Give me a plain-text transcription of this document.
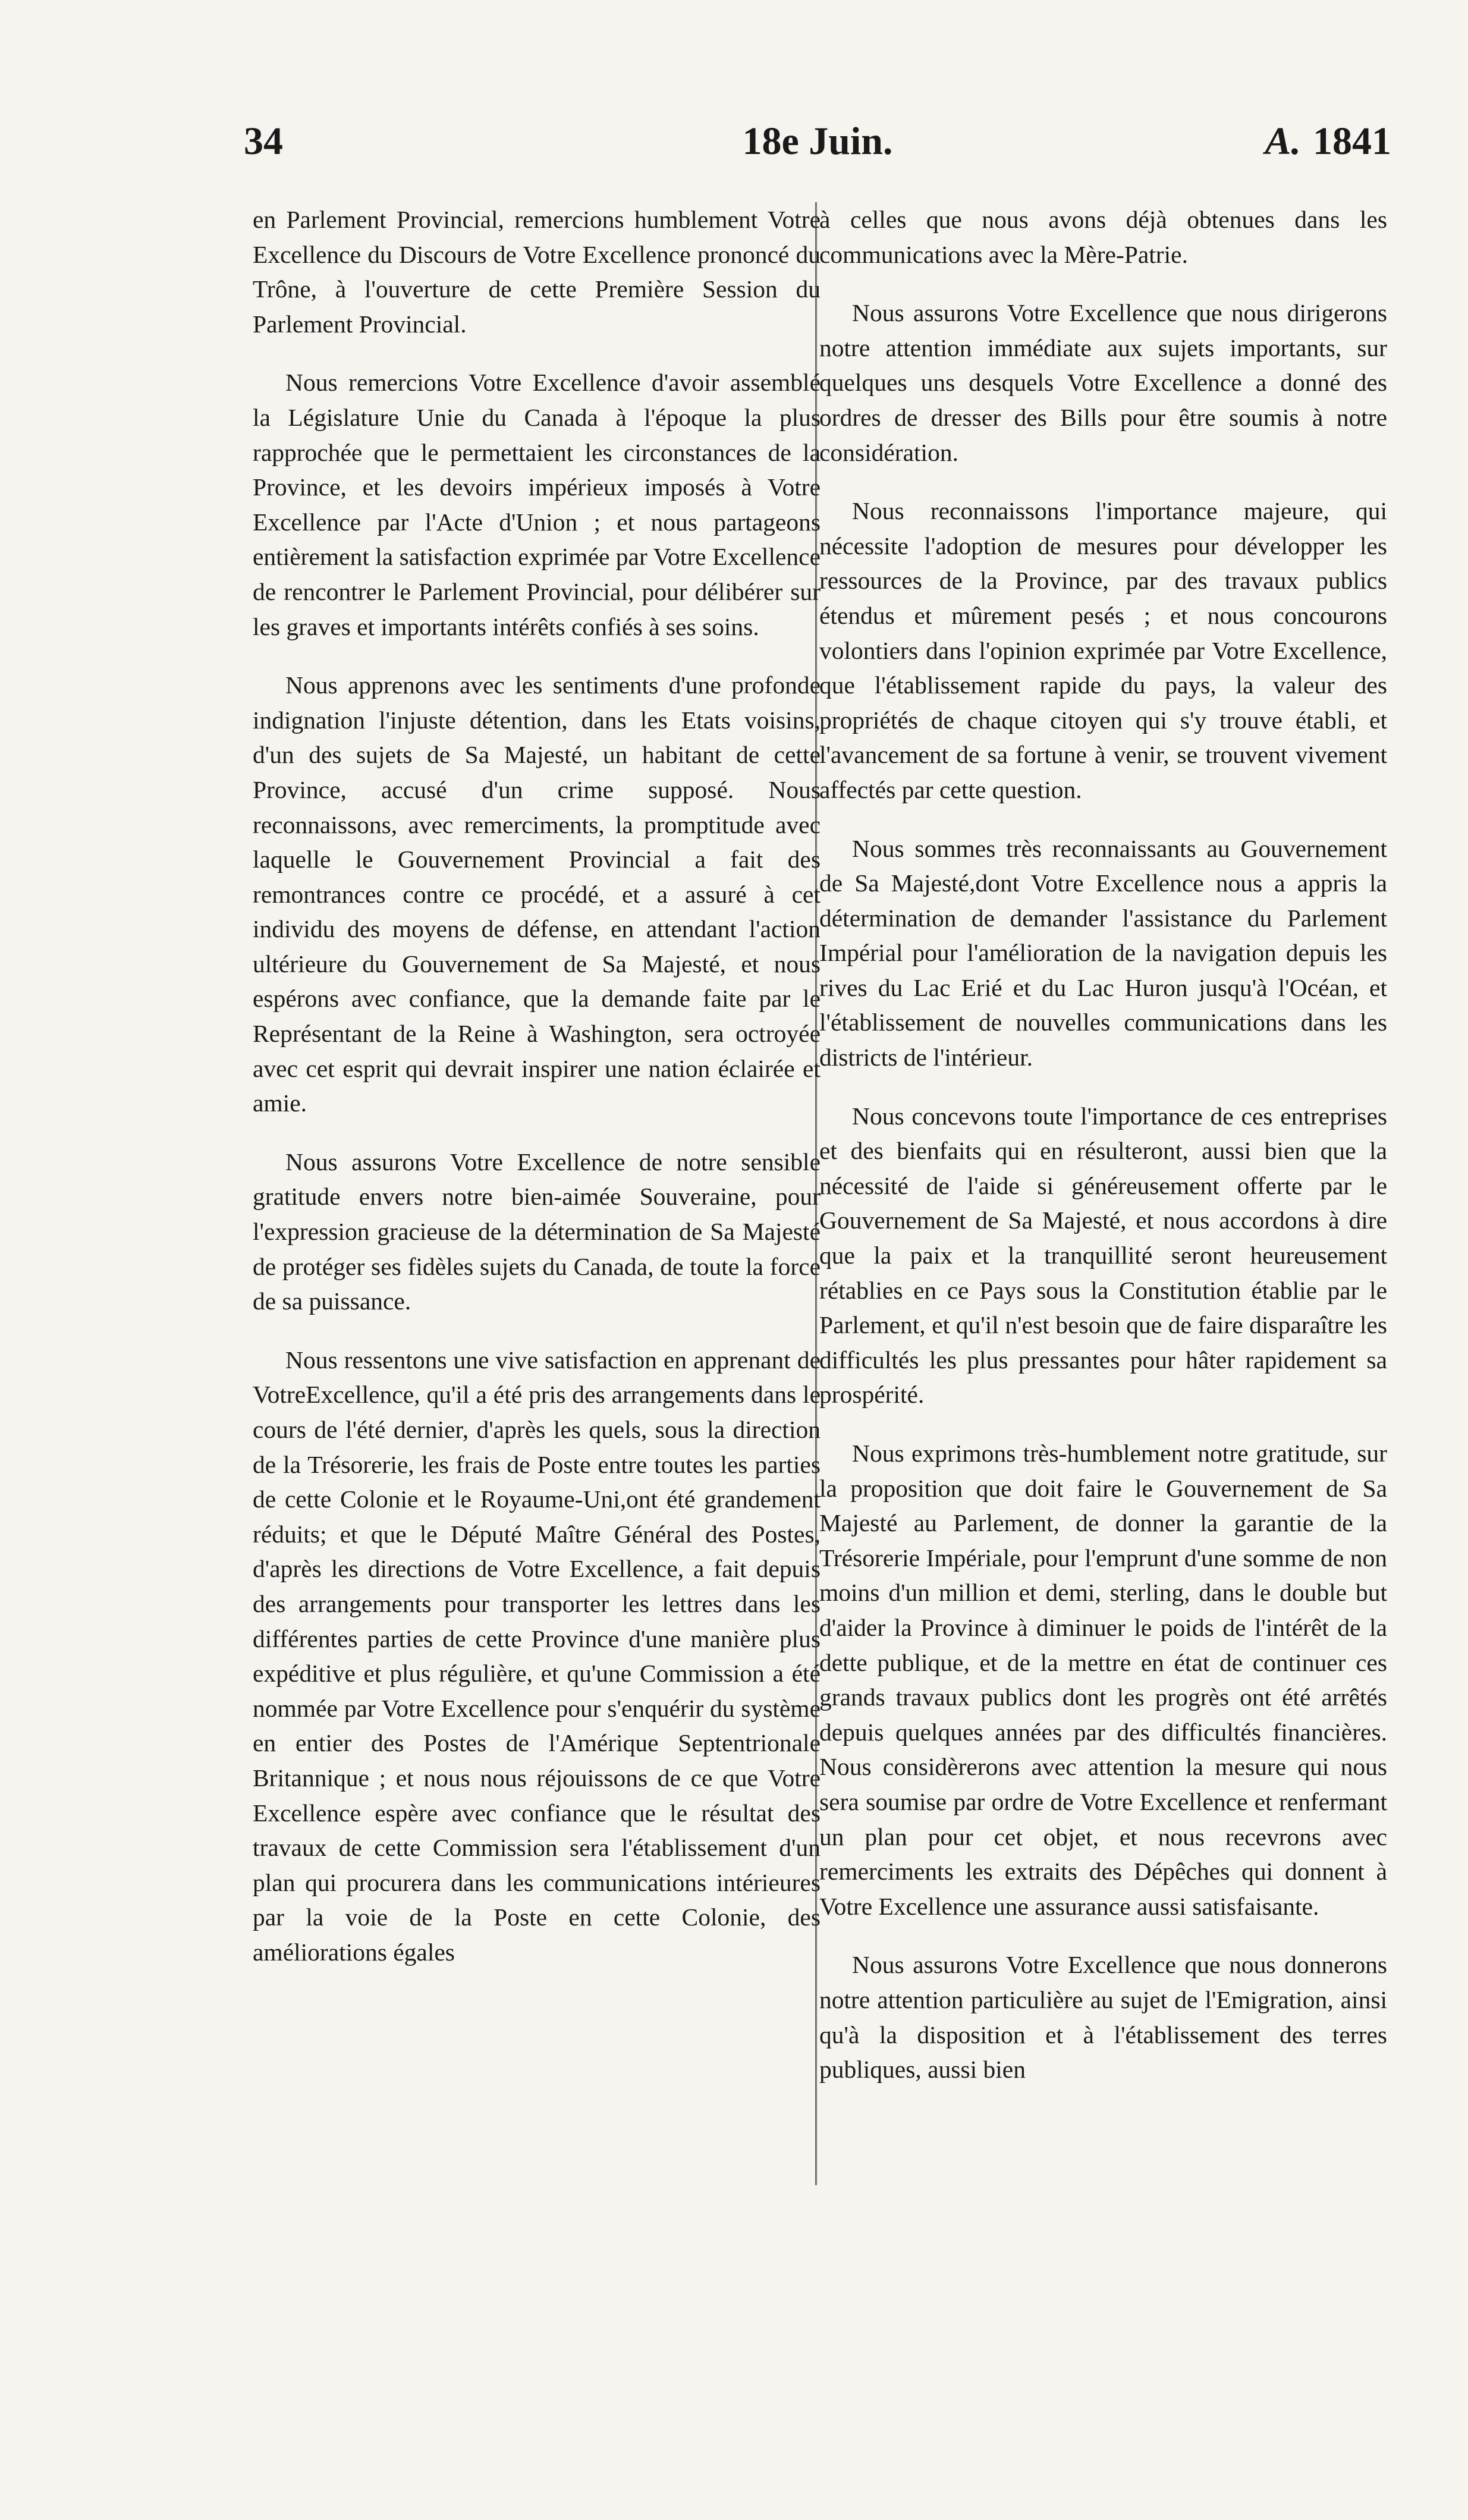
34	18e Juin.	A. 1841

en Parlement Provincial, remercions humblement Votre Excellence du Discours de Votre Excellence prononcé du Trône, à l'ouverture de cette Première Session du Parlement Provincial.

Nous remercions Votre Excellence d'avoir assemblé la Législature Unie du Canada à l'époque la plus rapprochée que le permettaient les circonstances de la Province, et les devoirs impérieux imposés à Votre Excellence par l'Acte d'Union ; et nous partageons entièrement la satisfaction exprimée par Votre Excellence de rencontrer le Parlement Provincial, pour délibérer sur les graves et importants intérêts confiés à ses soins.

Nous apprenons avec les sentiments d'une profonde indignation l'injuste détention, dans les Etats voisins, d'un des sujets de Sa Majesté, un habitant de cette Province, accusé d'un crime supposé. Nous reconnaissons, avec remerciments, la promptitude avec laquelle le Gouvernement Provincial a fait des remontrances contre ce procédé, et a assuré à cet individu des moyens de défense, en attendant l'action ultérieure du Gouvernement de Sa Majesté, et nous espérons avec confiance, que la demande faite par le Représentant de la Reine à Washington, sera octroyée avec cet esprit qui devrait inspirer une nation éclairée et amie.

Nous assurons Votre Excellence de notre sensible gratitude envers notre bien-aimée Souveraine, pour l'expression gracieuse de la détermination de Sa Majesté de protéger ses fidèles sujets du Canada, de toute la force de sa puissance.

Nous ressentons une vive satisfaction en apprenant de VotreExcellence, qu'il a été pris des arrangements dans le cours de l'été dernier, d'après les quels, sous la direction de la Trésorerie, les frais de Poste entre toutes les parties de cette Colonie et le Royaume-Uni,ont été grandement réduits; et que le Député Maître Général des Postes, d'après les directions de Votre Excellence, a fait depuis des arrangements pour transporter les lettres dans les différentes parties de cette Province d'une manière plus expéditive et plus régulière, et qu'une Commission a été nommée par Votre Excellence pour s'enquérir du système en entier des Postes de l'Amérique Septentrionale Britannique ; et nous nous réjouissons de ce que Votre Excellence espère avec confiance que le résultat des travaux de cette Commission sera l'établissement d'un plan qui procurera dans les communications intérieures par la voie de la Poste en cette Colonie, des améliorations égales

à celles que nous avons déjà obtenues dans les communications avec la Mère-Patrie.

Nous assurons Votre Excellence que nous dirigerons notre attention immédiate aux sujets importants, sur quelques uns desquels Votre Excellence a donné des ordres de dresser des Bills pour être soumis à notre considération.

Nous reconnaissons l'importance majeure, qui nécessite l'adoption de mesures pour développer les ressources de la Province, par des travaux publics étendus et mûrement pesés ; et nous concourons volontiers dans l'opinion exprimée par Votre Excellence, que l'établissement rapide du pays, la valeur des propriétés de chaque citoyen qui s'y trouve établi, et l'avancement de sa fortune à venir, se trouvent vivement affectés par cette question.

Nous sommes très reconnaissants au Gouvernement de Sa Majesté,dont Votre Excellence nous a appris la détermination de demander l'assistance du Parlement Impérial pour l'amélioration de la navigation depuis les rives du Lac Erié et du Lac Huron jusqu'à l'Océan, et l'établissement de nouvelles communications dans les districts de l'intérieur.

Nous concevons toute l'importance de ces entreprises et des bienfaits qui en résulteront, aussi bien que la nécessité de l'aide si généreusement offerte par le Gouvernement de Sa Majesté, et nous accordons à dire que la paix et la tranquillité seront heureusement rétablies en ce Pays sous la Constitution établie par le Parlement, et qu'il n'est besoin que de faire disparaître les difficultés les plus pressantes pour hâter rapidement sa prospérité.

Nous exprimons très-humblement notre gratitude, sur la proposition que doit faire le Gouvernement de Sa Majesté au Parlement, de donner la garantie de la Trésorerie Impériale, pour l'emprunt d'une somme de non moins d'un million et demi, sterling, dans le double but d'aider la Province à diminuer le poids de l'intérêt de la dette publique, et de la mettre en état de continuer ces grands travaux publics dont les progrès ont été arrêtés depuis quelques années par des difficultés financières. Nous considèrerons avec attention la mesure qui nous sera soumise par ordre de Votre Excellence et renfermant un plan pour cet objet, et nous recevrons avec remerciments les extraits des Dépêches qui donnent à Votre Excellence une assurance aussi satisfaisante.

Nous assurons Votre Excellence que nous donnerons notre attention particulière au sujet de l'Emigration, ainsi qu'à la disposition et à l'établissement des terres publiques, aussi bien
